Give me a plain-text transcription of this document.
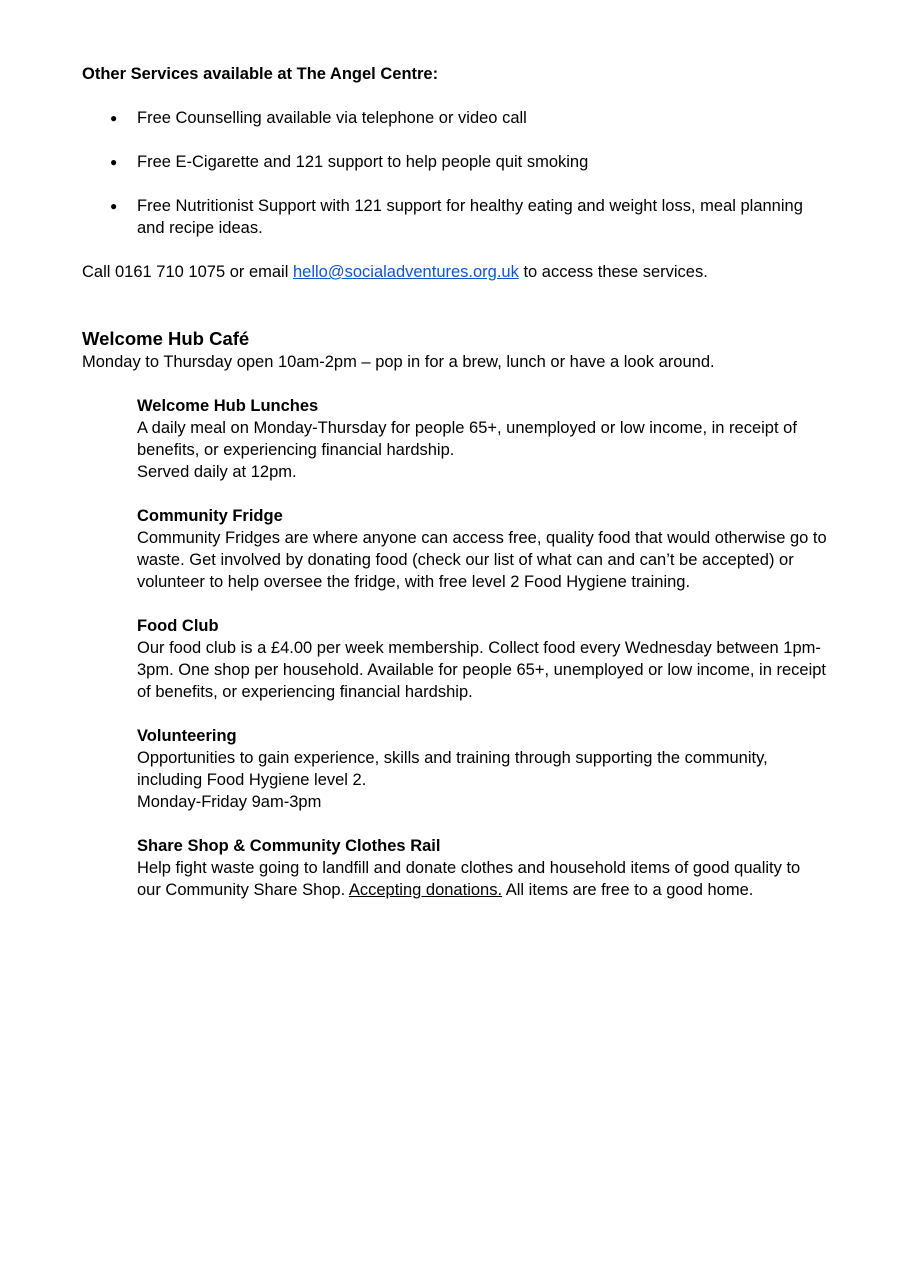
Other Services available at The Angel Centre:

● Free Counselling available via telephone or video call
● Free E-Cigarette and 121 support to help people quit smoking
● Free Nutritionist Support with 121 support for healthy eating and weight loss, meal planning and recipe ideas.

Call 0161 710 1075 or email hello@socialadventures.org.uk to access these services.

Welcome Hub Café

Monday to Thursday open 10am-2pm – pop in for a brew, lunch or have a look around.

Welcome Hub Lunches

A daily meal on Monday-Thursday for people 65+, unemployed or low income, in receipt of benefits, or experiencing financial hardship.

Served daily at 12pm.

Community Fridge

Community Fridges are where anyone can access free, quality food that would otherwise go to waste. Get involved by donating food (check our list of what can and can’t be accepted) or volunteer to help oversee the fridge, with free level 2 Food Hygiene training.

Food Club

Our food club is a £4.00 per week membership. Collect food every Wednesday between 1pm-3pm. One shop per household. Available for people 65+, unemployed or low income, in receipt of benefits, or experiencing financial hardship.

Volunteering

Opportunities to gain experience, skills and training through supporting the community, including Food Hygiene level 2.

Monday-Friday 9am-3pm

Share Shop & Community Clothes Rail

Help fight waste going to landfill and donate clothes and household items of good quality to our Community Share Shop. Accepting donations. All items are free to a good home.
